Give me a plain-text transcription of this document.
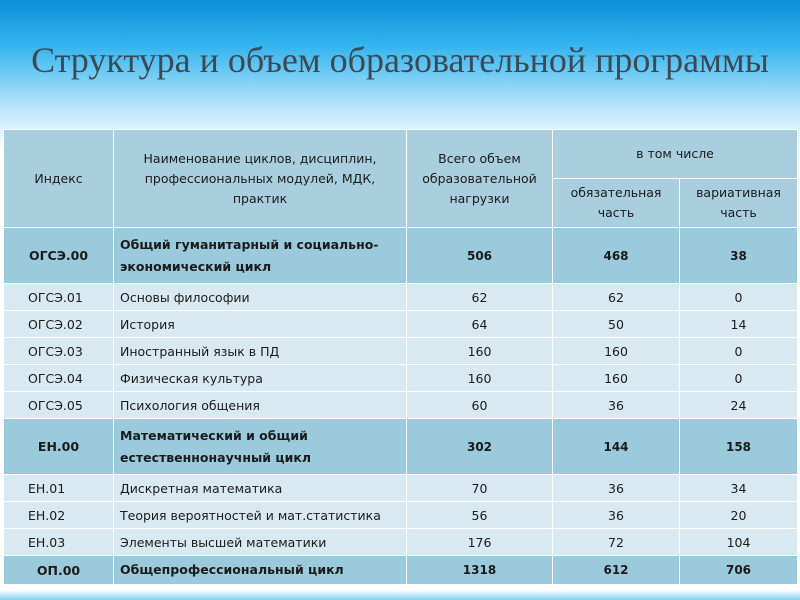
Структура и объем образовательной программы
Индекс	Наименование циклов, дисциплин, профессиональных модулей, МДК, практик	Всего объем образовательной нагрузки	в том числе	
			обязательная часть	вариативная часть
ОГСЭ.00	Общий гуманитарный и социально-экономический цикл	506	468	38
ОГСЭ.01	Основы философии	62	62	0
ОГСЭ.02	История	64	50	14
ОГСЭ.03	Иностранный язык в ПД	160	160	0
ОГСЭ.04	Физическая культура	160	160	0
ОГСЭ.05	Психология общения	60	36	24
ЕН.00	Математический и общий естественнонаучный цикл	302	144	158
ЕН.01	Дискретная математика	70	36	34
ЕН.02	Теория вероятностей и мат.статистика	56	36	20
ЕН.03	Элементы высшей математики	176	72	104
ОП.00	Общепрофессиональный цикл	1318	612	706
